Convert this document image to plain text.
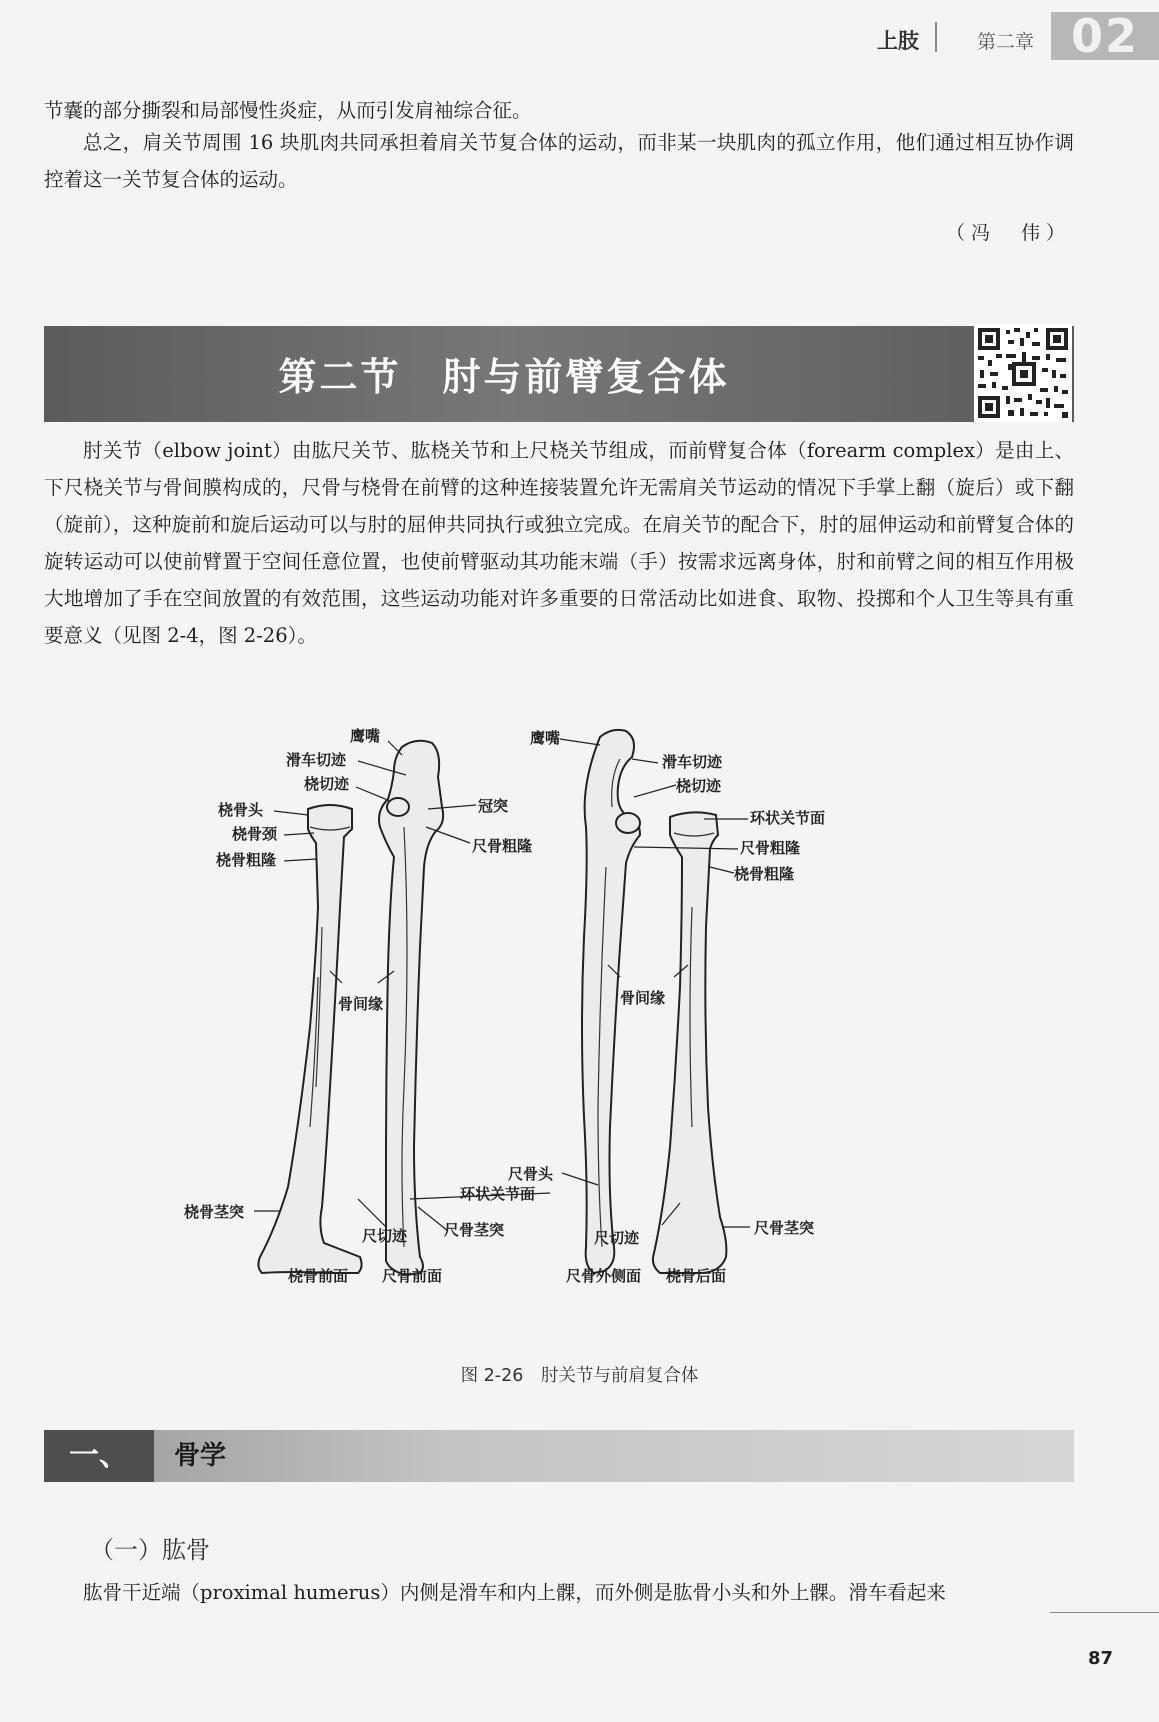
上肢	第二章 02

节囊的部分撕裂和局部慢性炎症，从而引发肩袖综合征。

总之，肩关节周围 16 块肌肉共同承担着肩关节复合体的运动，而非某一块肌肉的孤立作用，他们通过相互协作调控着这一关节复合体的运动。

（冯　伟）
第二节　肘与前臂复合体

肘关节（elbow joint）由肱尺关节、肱桡关节和上尺桡关节组成，而前臂复合体（forearm complex）是由上、下尺桡关节与骨间膜构成的，尺骨与桡骨在前臂的这种连接装置允许无需肩关节运动的情况下手掌上翻（旋后）或下翻（旋前），这种旋前和旋后运动可以与肘的屈伸共同执行或独立完成。在肩关节的配合下，肘的屈伸运动和前臂复合体的旋转运动可以使前臂置于空间任意位置，也使前臂驱动其功能末端（手）按需求远离身体，肘和前臂之间的相互作用极大地增加了手在空间放置的有效范围，这些运动功能对许多重要的日常活动比如进食、取物、投掷和个人卫生等具有重要意义（见图 2-4，图 2-26）。

鹰嘴
滑车切迹
桡切迹
桡骨头
桡骨颈
桡骨粗隆
冠突
尺骨粗隆
骨间缘
桡骨茎突
尺切迹 尺骨茎突
环状关节面
鹰嘴
滑车切迹
桡切迹
环状关节面
尺骨粗隆
桡骨粗隆
骨间缘
尺骨头
尺切迹
尺骨茎突
桡骨前面 尺骨前面	尺骨外侧面 桡骨后面
图 2-26　肘关节与前肩复合体
一、	骨学
（一）肱骨

肱骨干近端（proximal humerus）内侧是滑车和内上髁，而外侧是肱骨小头和外上髁。滑车看起来

87
